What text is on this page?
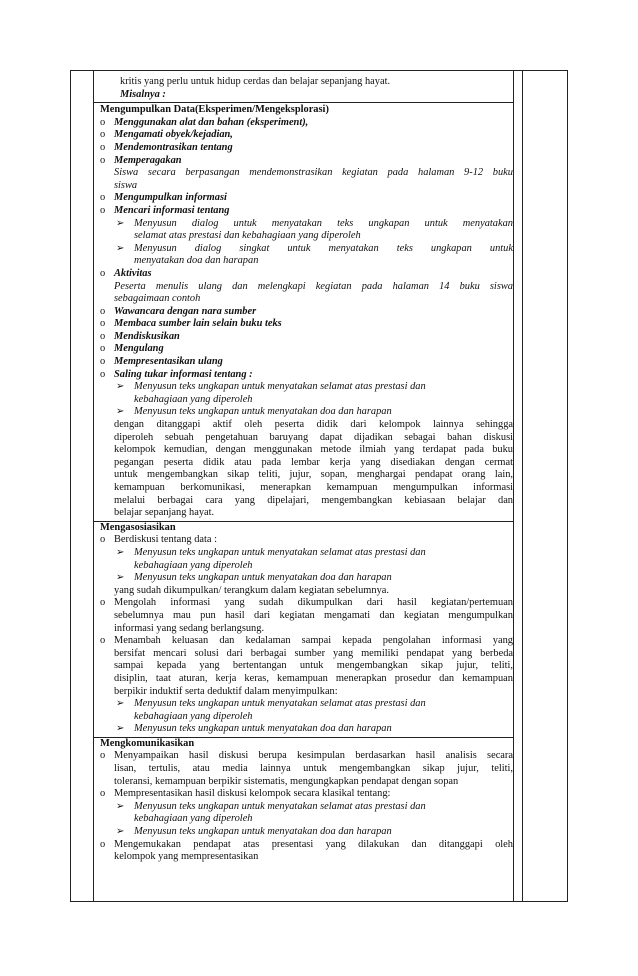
kritis yang perlu untuk hidup cerdas dan belajar sepanjang hayat.
Misalnya :
Mengumpulkan Data(Eksperimen/Mengeksplorasi)
o Menggunakan alat dan bahan (eksperiment),
o Mengamati obyek/kejadian,
o Mendemontrasikan tentang
o Memperagakan
Siswa secara berpasangan mendemonstrasikan kegiatan pada halaman 9-12 buku
siswa
o Mengumpulkan informasi
o Mencari informasi tentang
➢ Menyusun dialog untuk menyatakan teks ungkapan untuk menyatakan
selamat atas prestasi dan kebahagiaan yang diperoleh
➢ Menyusun dialog singkat untuk menyatakan teks ungkapan untuk
menyatakan doa dan harapan
o Aktivitas
Peserta menulis ulang dan melengkapi kegiatan pada halaman 14 buku siswa
sebagaimaan contoh
o Wawancara dengan nara sumber
o Membaca sumber lain selain buku teks
o Mendiskusikan
o Mengulang
o Mempresentasikan ulang
o Saling tukar informasi tentang :
➢ Menyusun teks ungkapan untuk menyatakan selamat atas prestasi dan
kebahagiaan yang diperoleh
➢ Menyusun teks ungkapan untuk menyatakan doa dan harapan
dengan ditanggapi aktif oleh peserta didik dari kelompok lainnya sehingga
diperoleh sebuah pengetahuan baruyang dapat dijadikan sebagai bahan diskusi
kelompok kemudian, dengan menggunakan metode ilmiah yang terdapat pada buku
pegangan peserta didik atau pada lembar kerja yang disediakan dengan cermat
untuk mengembangkan sikap teliti, jujur, sopan, menghargai pendapat orang lain,
kemampuan berkomunikasi, menerapkan kemampuan mengumpulkan informasi
melalui berbagai cara yang dipelajari, mengembangkan kebiasaan belajar dan
belajar sepanjang hayat.
Mengasosiasikan
o Berdiskusi tentang data :
➢ Menyusun teks ungkapan untuk menyatakan selamat atas prestasi dan
kebahagiaan yang diperoleh
➢ Menyusun teks ungkapan untuk menyatakan doa dan harapan
yang sudah dikumpulkan/ terangkum dalam kegiatan sebelumnya.
o Mengolah informasi yang sudah dikumpulkan dari hasil kegiatan/pertemuan
sebelumnya mau pun hasil dari kegiatan mengamati dan kegiatan mengumpulkan
informasi yang sedang berlangsung.
o Menambah keluasan dan kedalaman sampai kepada pengolahan informasi yang
bersifat mencari solusi dari berbagai sumber yang memiliki pendapat yang berbeda
sampai kepada yang bertentangan untuk mengembangkan sikap jujur, teliti,
disiplin, taat aturan, kerja keras, kemampuan menerapkan prosedur dan kemampuan
berpikir induktif serta deduktif dalam menyimpulkan:
➢ Menyusun teks ungkapan untuk menyatakan selamat atas prestasi dan
kebahagiaan yang diperoleh
➢ Menyusun teks ungkapan untuk menyatakan doa dan harapan
Mengkomunikasikan
o Menyampaikan hasil diskusi berupa kesimpulan berdasarkan hasil analisis secara
lisan, tertulis, atau media lainnya untuk mengembangkan sikap jujur, teliti,
toleransi, kemampuan berpikir sistematis, mengungkapkan pendapat dengan sopan
o Mempresentasikan hasil diskusi kelompok secara klasikal tentang:
➢ Menyusun teks ungkapan untuk menyatakan selamat atas prestasi dan
kebahagiaan yang diperoleh
➢ Menyusun teks ungkapan untuk menyatakan doa dan harapan
o Mengemukakan pendapat atas presentasi yang dilakukan dan ditanggapi oleh
kelompok yang mempresentasikan
